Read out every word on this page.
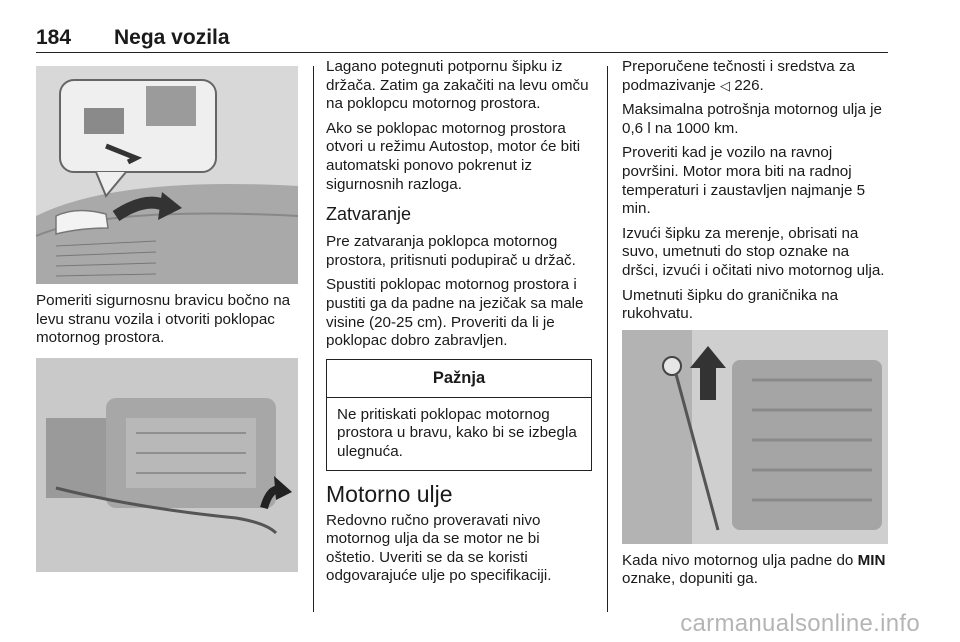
184 Nega vozila

Pomeriti sigurnosnu bravicu bočno na levu stranu vozila i otvoriti poklopac motornog prostora.

Lagano potegnuti potpornu šipku iz držača. Zatim ga zakačiti na levu omču na poklopcu motornog prostora.

Ako se poklopac motornog prostora otvori u režimu Autostop, motor će biti automatski ponovo pokrenut iz sigurnosnih razloga.

Zatvaranje

Pre zatvaranja poklopca motornog prostora, pritisnuti podupirač u držač.

Spustiti poklopac motornog prostora i pustiti ga da padne na jezičak sa male visine (20-25 cm). Proveriti da li je poklopac dobro zabravljen.

Pažnja
Ne pritiskati poklopac motornog prostora u bravu, kako bi se izbegla ulegnuća.
Motorno ulje

Redovno ručno proveravati nivo motornog ulja da se motor ne bi oštetio. Uveriti se da se koristi odgovarajuće ulje po specifikaciji.

Preporučene tečnosti i sredstva za podmazivanje ◁ 226.

Maksimalna potrošnja motornog ulja je 0,6 l na 1000 km.

Proveriti kad je vozilo na ravnoj površini. Motor mora biti na radnoj temperaturi i zaustavljen najmanje 5 min.

Izvući šipku za merenje, obrisati na suvo, umetnuti do stop oznake na dršci, izvući i očitati nivo motornog ulja.

Umetnuti šipku do graničnika na rukohvatu.

Kada nivo motornog ulja padne do MIN oznake, dopuniti ga.

carmanualsonline.info
